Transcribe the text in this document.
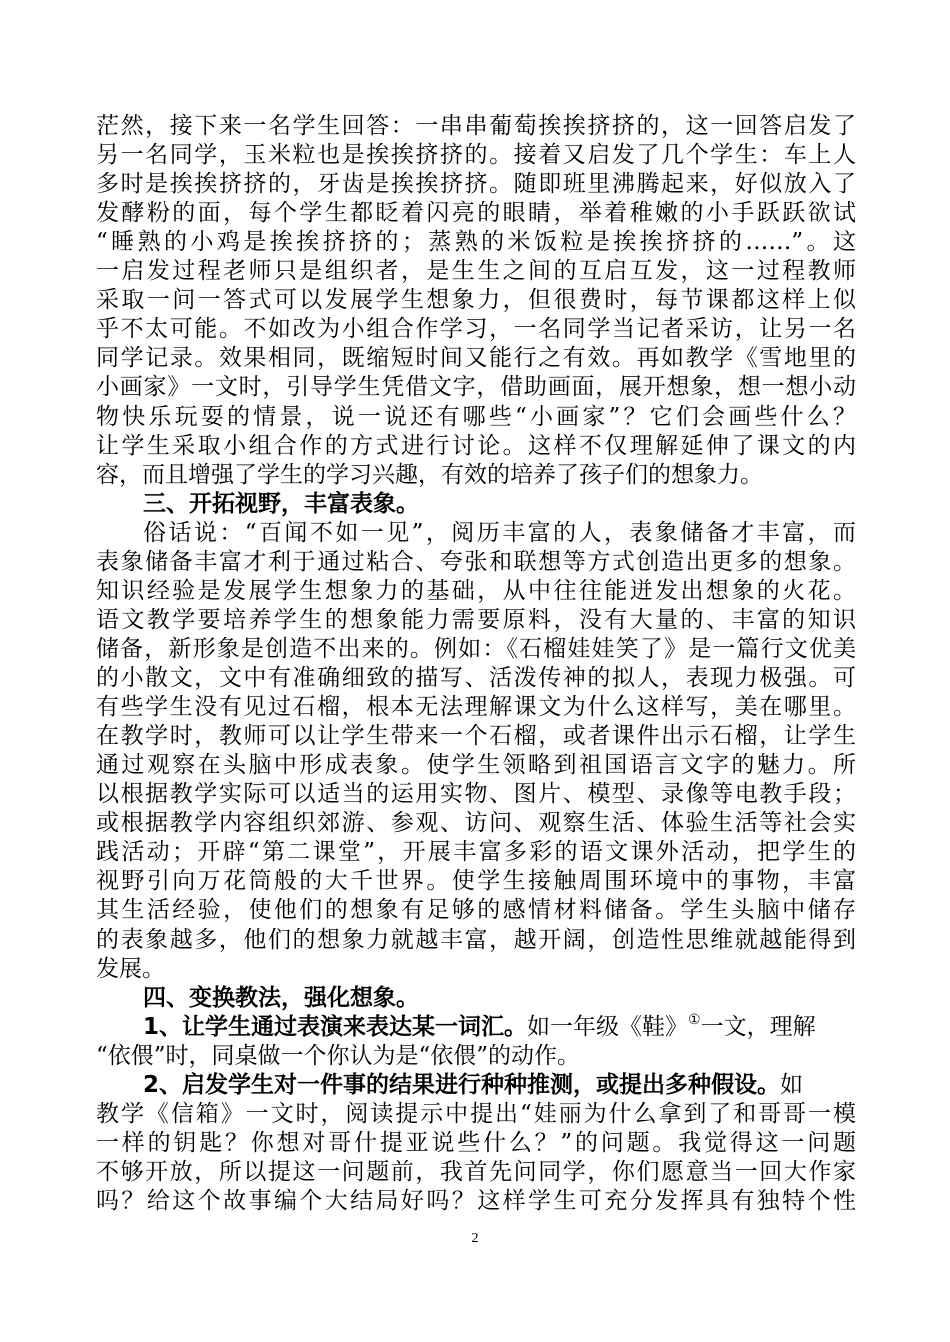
茫然，接下来一名学生回答：一串串葡萄挨挨挤挤的，这一回答启发了
另一名同学，玉米粒也是挨挨挤挤的。接着又启发了几个学生：车上人
多时是挨挨挤挤的，牙齿是挨挨挤挤。随即班里沸腾起来，好似放入了
发酵粉的面，每个学生都眨着闪亮的眼睛，举着稚嫩的小手跃跃欲试
“睡熟的小鸡是挨挨挤挤的；蒸熟的米饭粒是挨挨挤挤的……”。这
一启发过程老师只是组织者，是生生之间的互启互发，这一过程教师
采取一问一答式可以发展学生想象力，但很费时，每节课都这样上似
乎不太可能。不如改为小组合作学习，一名同学当记者采访，让另一名
同学记录。效果相同，既缩短时间又能行之有效。再如教学《雪地里的
小画家》一文时，引导学生凭借文字，借助画面，展开想象，想一想小动
物快乐玩耍的情景，说一说还有哪些“小画家”？它们会画些什么？
让学生采取小组合作的方式进行讨论。这样不仅理解延伸了课文的内
容，而且增强了学生的学习兴趣，有效的培养了孩子们的想象力。
三、开拓视野，丰富表象。
俗话说：“百闻不如一见”，阅历丰富的人，表象储备才丰富，而
表象储备丰富才利于通过粘合、夸张和联想等方式创造出更多的想象。
知识经验是发展学生想象力的基础，从中往往能迸发出想象的火花。
语文教学要培养学生的想象能力需要原料，没有大量的、丰富的知识
储备，新形象是创造不出来的。例如：《石榴娃娃笑了》是一篇行文优美
的小散文，文中有准确细致的描写、活泼传神的拟人，表现力极强。可
有些学生没有见过石榴，根本无法理解课文为什么这样写，美在哪里。
在教学时，教师可以让学生带来一个石榴，或者课件出示石榴，让学生
通过观察在头脑中形成表象。使学生领略到祖国语言文字的魅力。所
以根据教学实际可以适当的运用实物、图片、模型、录像等电教手段；
或根据教学内容组织郊游、参观、访问、观察生活、体验生活等社会实
践活动；开辟“第二课堂”，开展丰富多彩的语文课外活动，把学生的
视野引向万花筒般的大千世界。使学生接触周围环境中的事物，丰富
其生活经验，使他们的想象有足够的感情材料储备。学生头脑中储存
的表象越多，他们的想象力就越丰富，越开阔，创造性思维就越能得到
发展。
四、变换教法，强化想象。
1、让学生通过表演来表达某一词汇。如一年级《鞋》①一文，理解
“依偎”时，同桌做一个你认为是“依偎”的动作。
2、启发学生对一件事的结果进行种种推测，或提出多种假设。如
教学《信箱》一文时，阅读提示中提出“娃丽为什么拿到了和哥哥一模
一样的钥匙？你想对哥什提亚说些什么？”的问题。我觉得这一问题
不够开放，所以提这一问题前，我首先问同学，你们愿意当一回大作家
吗？给这个故事编个大结局好吗？这样学生可充分发挥具有独特个性
2
